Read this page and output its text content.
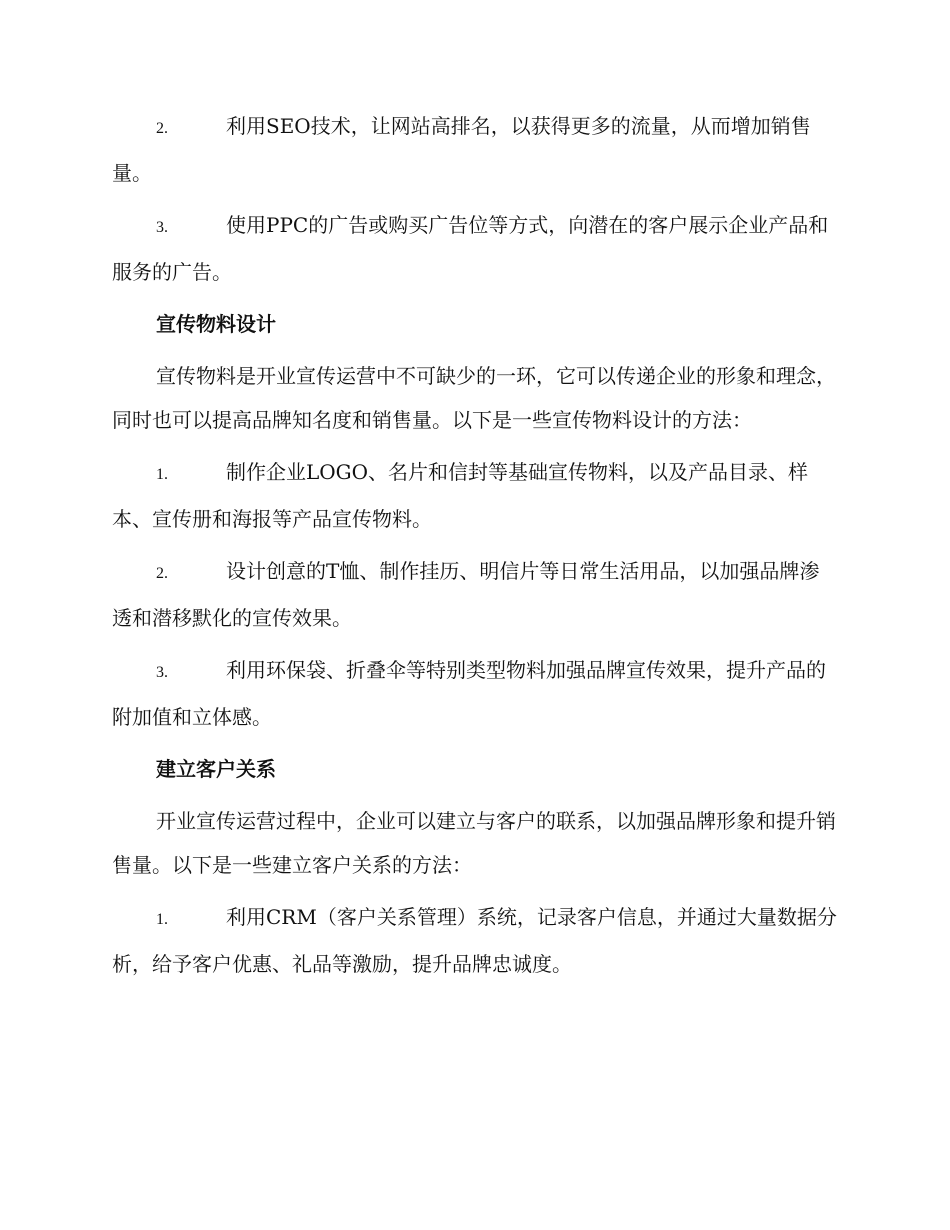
2.	利用SEO技术，让网站高排名，以获得更多的流量，从而增加销售量。

3.	使用PPC的广告或购买广告位等方式，向潜在的客户展示企业产品和服务的广告。

宣传物料设计

宣传物料是开业宣传运营中不可缺少的一环，它可以传递企业的形象和理念，同时也可以提高品牌知名度和销售量。以下是一些宣传物料设计的方法：

1.	制作企业LOGO、名片和信封等基础宣传物料，以及产品目录、样本、宣传册和海报等产品宣传物料。

2.	设计创意的T恤、制作挂历、明信片等日常生活用品，以加强品牌渗透和潜移默化的宣传效果。

3.	利用环保袋、折叠伞等特别类型物料加强品牌宣传效果，提升产品的附加值和立体感。

建立客户关系

开业宣传运营过程中，企业可以建立与客户的联系，以加强品牌形象和提升销售量。以下是一些建立客户关系的方法：

1.	利用CRM（客户关系管理）系统，记录客户信息，并通过大量数据分析，给予客户优惠、礼品等激励，提升品牌忠诚度。
